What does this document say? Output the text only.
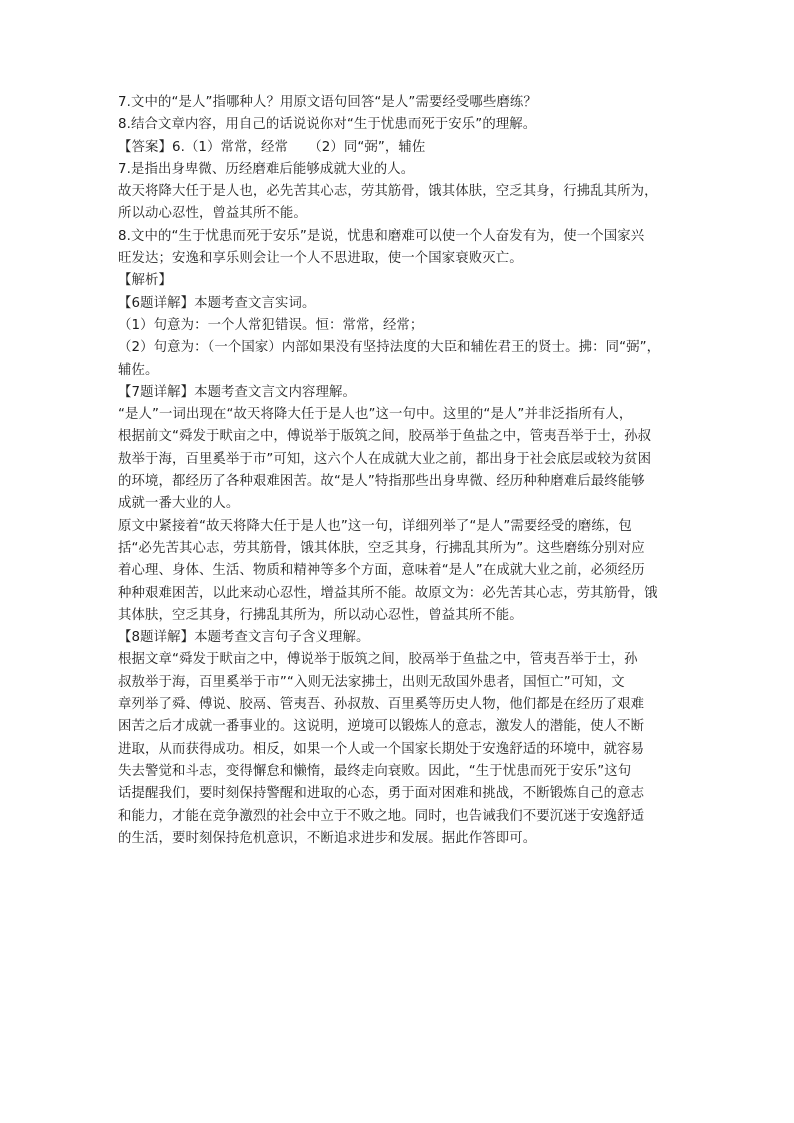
7.文中的“是人”指哪种人？用原文语句回答“是人”需要经受哪些磨练？
8.结合文章内容，用自己的话说说你对“生于忧患而死于安乐”的理解。
【答案】6.（1）常常，经常　　（2）同“弼”，辅佐
7.是指出身卑微、历经磨难后能够成就大业的人。
故天将降大任于是人也，必先苦其心志，劳其筋骨，饿其体肤，空乏其身，行拂乱其所为，
所以动心忍性，曾益其所不能。
8.文中的“生于忧患而死于安乐”是说，忧患和磨难可以使一个人奋发有为，使一个国家兴
旺发达；安逸和享乐则会让一个人不思进取，使一个国家衰败灭亡。
【解析】
【6题详解】本题考查文言实词。
（1）句意为：一个人常犯错误。恒：常常，经常；
（2）句意为：（一个国家）内部如果没有坚持法度的大臣和辅佐君王的贤士。拂：同“弼”，
辅佐。
【7题详解】本题考查文言文内容理解。
“是人”一词出现在“故天将降大任于是人也”这一句中。这里的“是人”并非泛指所有人，
根据前文“舜发于畎亩之中，傅说举于版筑之间，胶鬲举于鱼盐之中，管夷吾举于士，孙叔
敖举于海，百里奚举于市”可知，这六个人在成就大业之前，都出身于社会底层或较为贫困
的环境，都经历了各种艰难困苦。故“是人”特指那些出身卑微、经历种种磨难后最终能够
成就一番大业的人。
原文中紧接着“故天将降大任于是人也”这一句，详细列举了“是人”需要经受的磨练，包
括“必先苦其心志，劳其筋骨，饿其体肤，空乏其身，行拂乱其所为”。这些磨练分别对应
着心理、身体、生活、物质和精神等多个方面，意味着“是人”在成就大业之前，必须经历
种种艰难困苦，以此来动心忍性，增益其所不能。故原文为：必先苦其心志，劳其筋骨，饿
其体肤，空乏其身，行拂乱其所为，所以动心忍性，曾益其所不能。
【8题详解】本题考查文言句子含义理解。
根据文章“舜发于畎亩之中，傅说举于版筑之间，胶鬲举于鱼盐之中，管夷吾举于士，孙
叔敖举于海，百里奚举于市”“入则无法家拂士，出则无敌国外患者，国恒亡”可知，文
章列举了舜、傅说、胶鬲、管夷吾、孙叔敖、百里奚等历史人物，他们都是在经历了艰难
困苦之后才成就一番事业的。这说明，逆境可以锻炼人的意志，激发人的潜能，使人不断
进取，从而获得成功。相反，如果一个人或一个国家长期处于安逸舒适的环境中，就容易
失去警觉和斗志，变得懈怠和懒惰，最终走向衰败。因此，“生于忧患而死于安乐”这句
话提醒我们，要时刻保持警醒和进取的心态，勇于面对困难和挑战，不断锻炼自己的意志
和能力，才能在竞争激烈的社会中立于不败之地。同时，也告诫我们不要沉迷于安逸舒适
的生活，要时刻保持危机意识，不断追求进步和发展。据此作答即可。
